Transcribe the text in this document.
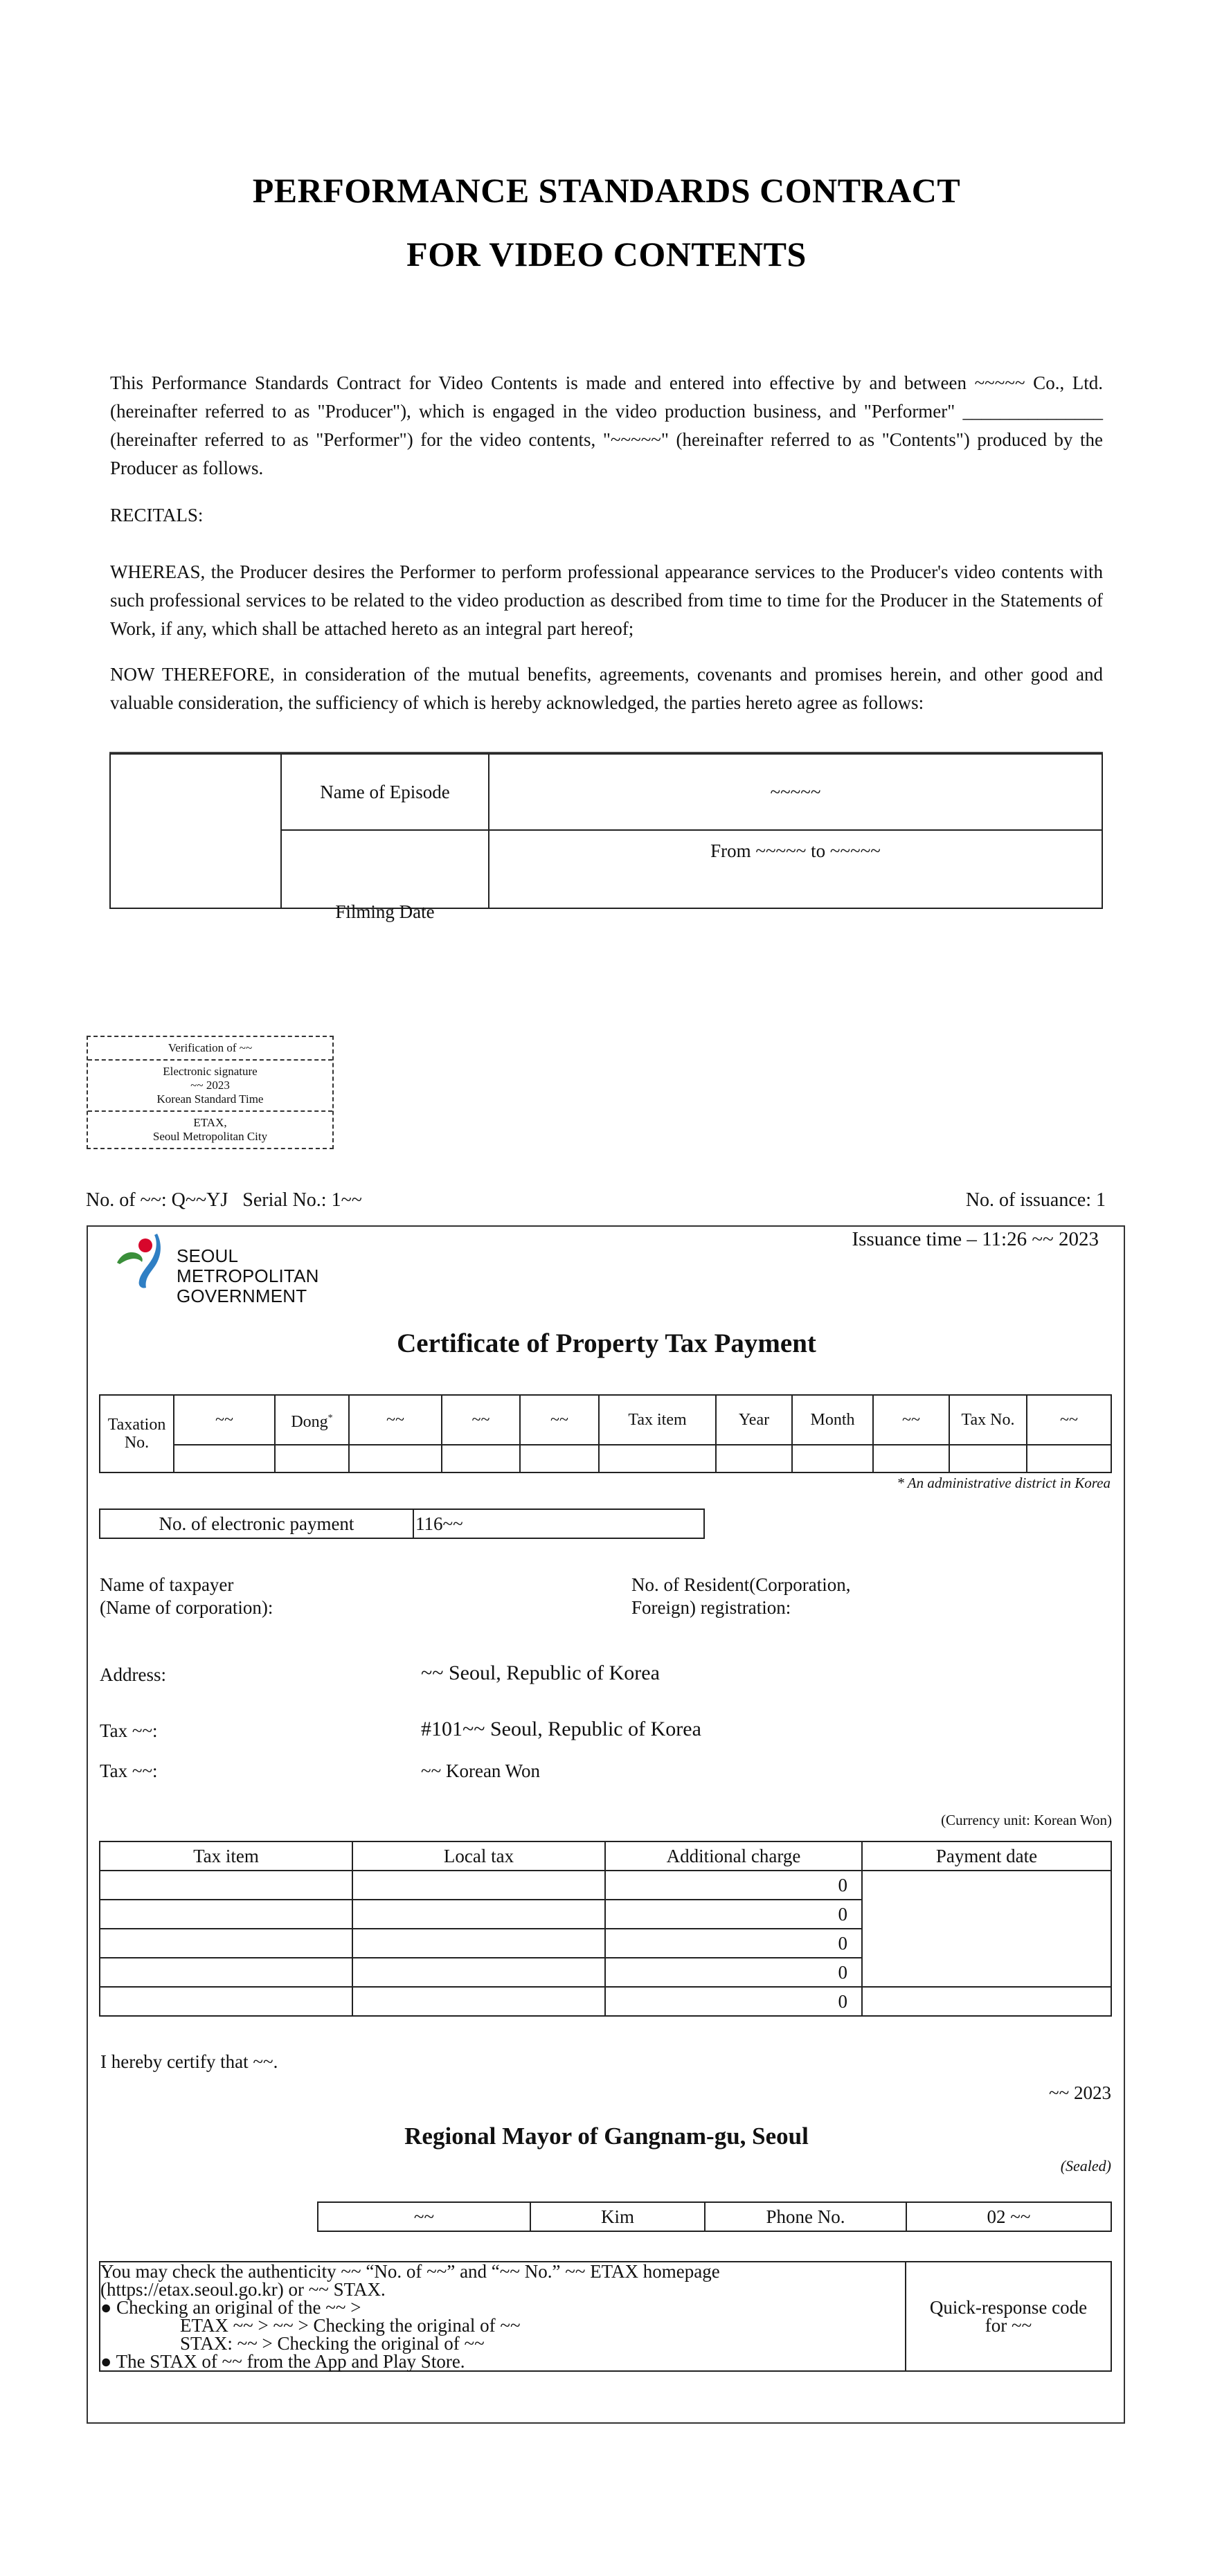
PERFORMANCE STANDARDS CONTRACT
FOR VIDEO CONTENTS
This Performance Standards Contract for Video Contents is made and entered into effective by and between ~~~~~ Co., Ltd. (hereinafter referred to as "Producer"), which is engaged in the video production business, and "Performer" _______________ (hereinafter referred to as "Performer") for the video contents, "~~~~~" (hereinafter referred to as "Contents") produced by the Producer as follows.
RECITALS:
WHEREAS, the Producer desires the Performer to perform professional appearance services to the Producer's video contents with such professional services to be related to the video production as described from time to time for the Producer in the Statements of Work, if any, which shall be attached hereto as an integral part hereof;
NOW THEREFORE, in consideration of the mutual benefits, agreements, covenants and promises herein, and other good and valuable consideration, the sufficiency of which is hereby acknowledged, the parties hereto agree as follows:
	Name of Episode	~~~~~
	Filming Date	From ~~~~~ to ~~~~~
Verification of ~~
Electronic signature
~~ 2023
Korean Standard Time
ETAX,
Seoul Metropolitan City
No. of ~~: Q~~YJ   Serial No.: 1~~	No. of issuance: 1
SEOUL METROPOLITAN
GOVERNMENT
Issuance time – 11:26 ~~ 2023
Certificate of Property Tax Payment
Taxation No.	~~	Dong*	~~	~~	~~	Tax item	Year	Month	~~	Tax No.	~~

* An administrative district in Korea
No. of electronic payment	116~~
Name of taxpayer
(Name of corporation):
No. of Resident(Corporation,
Foreign) registration:
Address:	~~ Seoul, Republic of Korea
Tax ~~:	#101~~ Seoul, Republic of Korea
Tax ~~:	~~ Korean Won
(Currency unit: Korean Won)
Tax item	Local tax	Additional charge	Payment date
		0	
		0	
		0	
		0	
		0	
I hereby certify that ~~.
~~ 2023
Regional Mayor of Gangnam-gu, Seoul
(Sealed)
~~	Kim	Phone No.	02 ~~
You may check the authenticity ~~ “No. of ~~” and “~~ No.” ~~ ETAX homepage
(https://etax.seoul.go.kr) or ~~ STAX.
● Checking an original of the ~~ >
ETAX ~~ > ~~ > Checking the original of ~~
STAX: ~~ > Checking the original of ~~
● The STAX of ~~ from the App and Play Store.

Quick-response code
for ~~
